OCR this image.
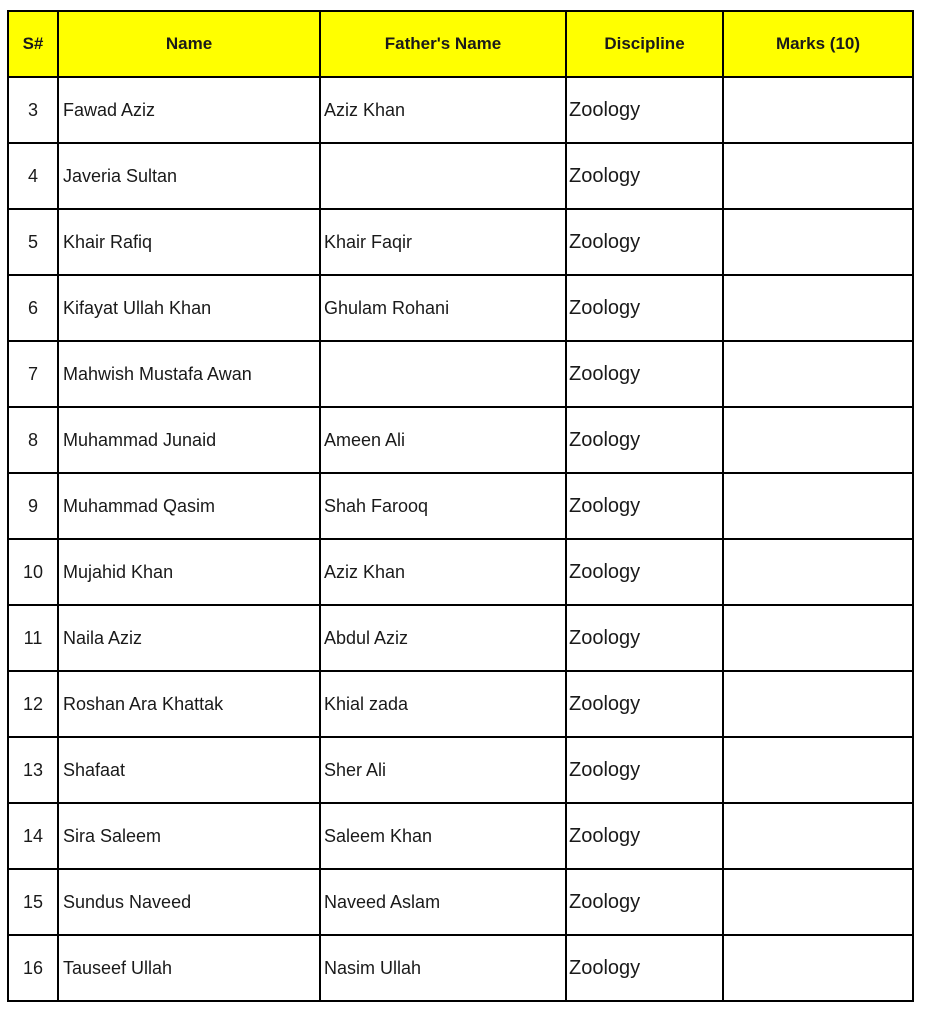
S#	Name	Father's Name	Discipline	Marks (10)
3	Fawad Aziz	Aziz Khan	Zoology	
4	Javeria Sultan		Zoology	
5	Khair Rafiq	Khair Faqir	Zoology	
6	Kifayat Ullah Khan	Ghulam Rohani	Zoology	
7	Mahwish Mustafa Awan		Zoology	
8	Muhammad Junaid	Ameen Ali	Zoology	
9	Muhammad Qasim	Shah Farooq	Zoology	
10	Mujahid Khan	Aziz Khan	Zoology	
11	Naila Aziz	Abdul Aziz	Zoology	
12	Roshan Ara Khattak	Khial zada	Zoology	
13	Shafaat	Sher Ali	Zoology	
14	Sira Saleem	Saleem Khan	Zoology	
15	Sundus Naveed	Naveed Aslam	Zoology	
16	Tauseef Ullah	Nasim Ullah	Zoology	
